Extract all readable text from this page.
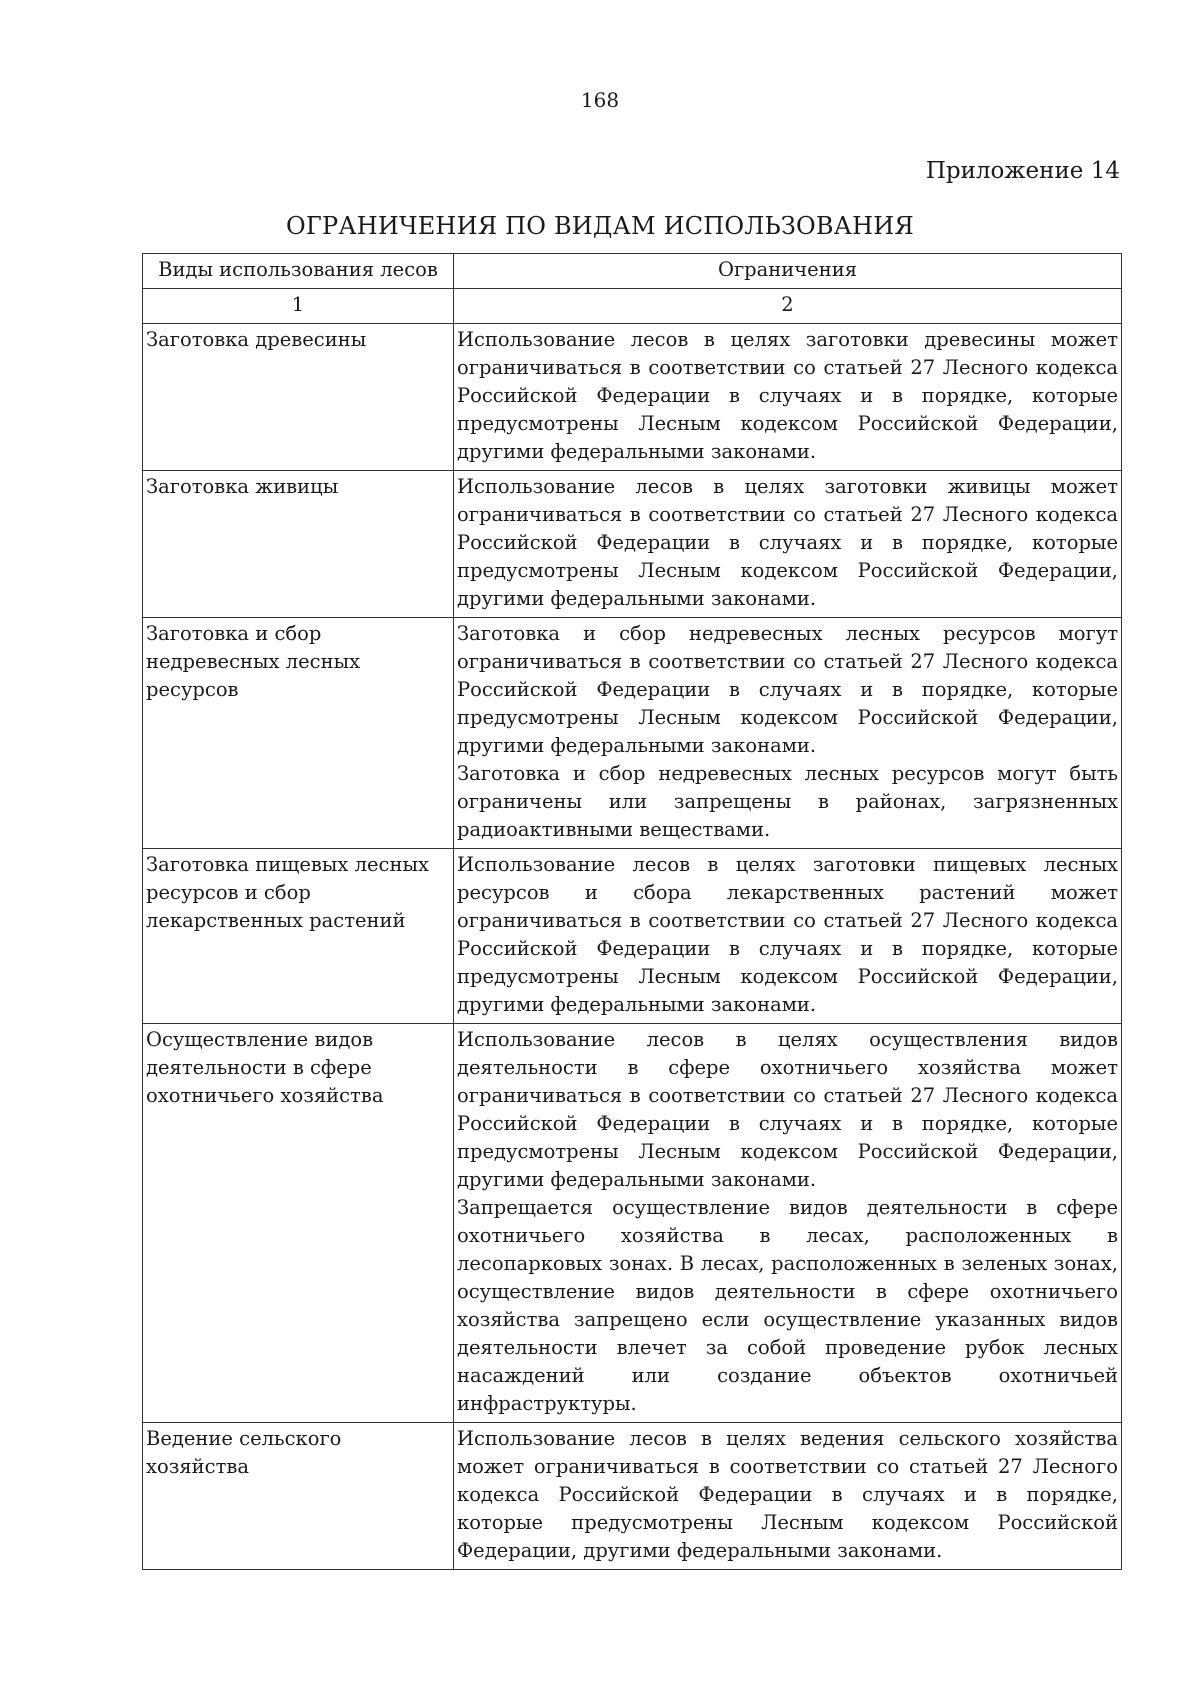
168
Приложение 14
ОГРАНИЧЕНИЯ ПО ВИДАМ ИСПОЛЬЗОВАНИЯ
Виды использования лесов	Ограничения
1	2
Заготовка древесины	Использование лесов в целях заготовки древесины может ограничиваться в соответствии со статьей 27 Лесного кодекса Российской Федерации в случаях и в порядке, которые предусмотрены Лесным кодексом Российской Федерации, другими федеральными законами.

Заготовка живицы	Использование лесов в целях заготовки живицы может ограничиваться в соответствии со статьей 27 Лесного кодекса Российской Федерации в случаях и в порядке, которые предусмотрены Лесным кодексом Российской Федерации, другими федеральными законами.

Заготовка и сбор недревесных лесных ресурсов	Заготовка и сбор недревесных лесных ресурсов могут ограничиваться в соответствии со статьей 27 Лесного кодекса Российской Федерации в случаях и в порядке, которые предусмотрены Лесным кодексом Российской Федерации, другими федеральными законами.

Заготовка и сбор недревесных лесных ресурсов могут быть ограничены или запрещены в районах, загрязненных радиоактивными веществами.

Заготовка пищевых лесных ресурсов и сбор лекарственных растений	Использование лесов в целях заготовки пищевых лесных ресурсов и сбора лекарственных растений может ограничиваться в соответствии со статьей 27 Лесного кодекса Российской Федерации в случаях и в порядке, которые предусмотрены Лесным кодексом Российской Федерации, другими федеральными законами.

Осуществление видов деятельности в сфере охотничьего хозяйства	Использование лесов в целях осуществления видов деятельности в сфере охотничьего хозяйства может ограничиваться в соответствии со статьей 27 Лесного кодекса Российской Федерации в случаях и в порядке, которые предусмотрены Лесным кодексом Российской Федерации, другими федеральными законами.

Запрещается осуществление видов деятельности в сфере охотничьего хозяйства в лесах, расположенных в лесопарковых зонах. В лесах, расположенных в зеленых зонах, осуществление видов деятельности в сфере охотничьего хозяйства запрещено если осуществление указанных видов деятельности влечет за собой проведение рубок лесных насаждений или создание объектов охотничьей инфраструктуры.

Ведение сельского хозяйства	Использование лесов в целях ведения сельского хозяйства может ограничиваться в соответствии со статьей 27 Лесного кодекса Российской Федерации в случаях и в порядке, которые предусмотрены Лесным кодексом Российской Федерации, другими федеральными законами.
